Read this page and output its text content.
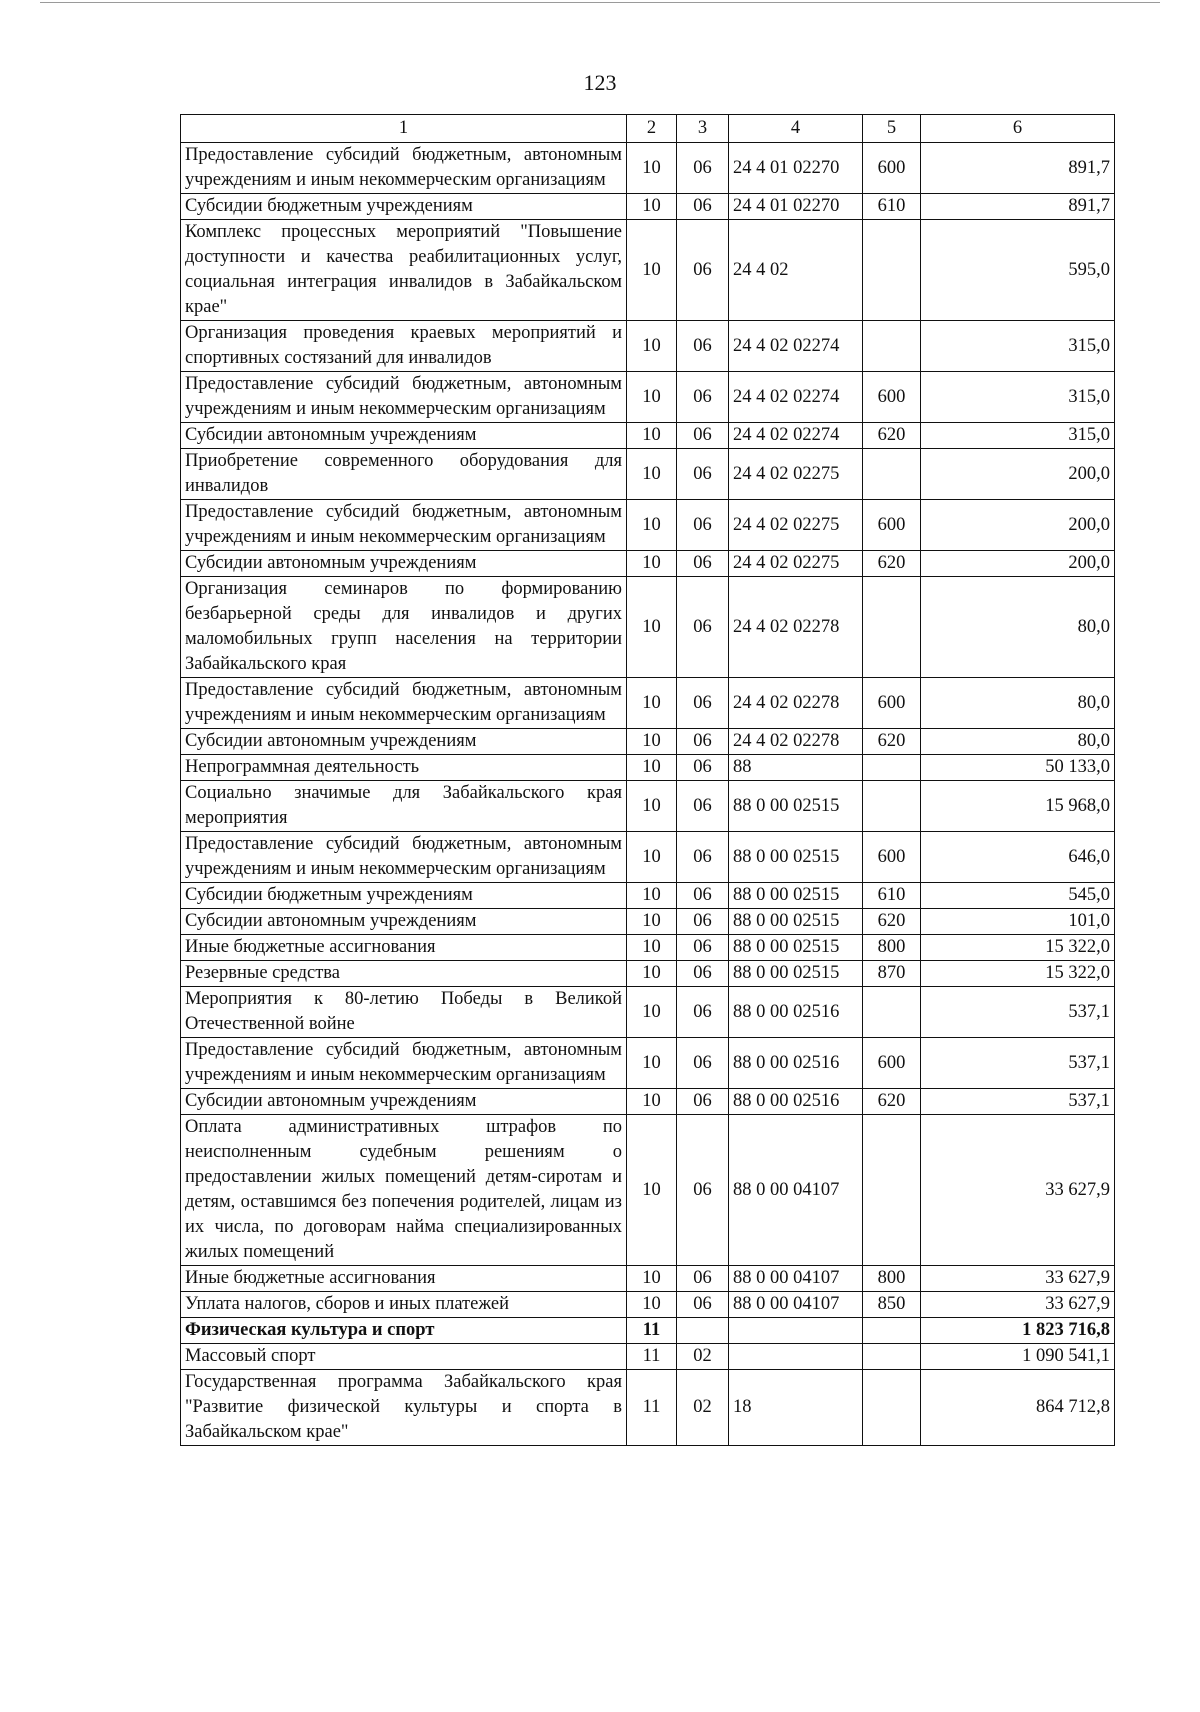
123
1	2	3	4	5	6
Предоставление субсидий бюджетным, автономным учреждениям и иным некоммерческим организациям	10	06	24 4 01 02270	600	891,7
Субсидии бюджетным учреждениям	10	06	24 4 01 02270	610	891,7
Комплекс процессных мероприятий "Повышение доступности и качества реабилитационных услуг, социальная интеграция инвалидов в Забайкальском крае"	10	06	24 4 02		595,0
Организация проведения краевых мероприятий и спортивных состязаний для инвалидов	10	06	24 4 02 02274		315,0
Предоставление субсидий бюджетным, автономным учреждениям и иным некоммерческим организациям	10	06	24 4 02 02274	600	315,0
Субсидии автономным учреждениям	10	06	24 4 02 02274	620	315,0
Приобретение современного оборудования для инвалидов	10	06	24 4 02 02275		200,0
Предоставление субсидий бюджетным, автономным учреждениям и иным некоммерческим организациям	10	06	24 4 02 02275	600	200,0
Субсидии автономным учреждениям	10	06	24 4 02 02275	620	200,0
Организация семинаров по формированию безбарьерной среды для инвалидов и других маломобильных групп населения на территории Забайкальского края	10	06	24 4 02 02278		80,0
Предоставление субсидий бюджетным, автономным учреждениям и иным некоммерческим организациям	10	06	24 4 02 02278	600	80,0
Субсидии автономным учреждениям	10	06	24 4 02 02278	620	80,0
Непрограммная деятельность	10	06	88		50 133,0
Социально значимые для Забайкальского края мероприятия	10	06	88 0 00 02515		15 968,0
Предоставление субсидий бюджетным, автономным учреждениям и иным некоммерческим организациям	10	06	88 0 00 02515	600	646,0
Субсидии бюджетным учреждениям	10	06	88 0 00 02515	610	545,0
Субсидии автономным учреждениям	10	06	88 0 00 02515	620	101,0
Иные бюджетные ассигнования	10	06	88 0 00 02515	800	15 322,0
Резервные средства	10	06	88 0 00 02515	870	15 322,0
Мероприятия к 80-летию Победы в Великой Отечественной войне	10	06	88 0 00 02516		537,1
Предоставление субсидий бюджетным, автономным учреждениям и иным некоммерческим организациям	10	06	88 0 00 02516	600	537,1
Субсидии автономным учреждениям	10	06	88 0 00 02516	620	537,1
Оплата административных штрафов по неисполненным судебным решениям о предоставлении жилых помещений детям-сиротам и детям, оставшимся без попечения родителей, лицам из их числа, по договорам найма специализированных жилых помещений	10	06	88 0 00 04107		33 627,9
Иные бюджетные ассигнования	10	06	88 0 00 04107	800	33 627,9
Уплата налогов, сборов и иных платежей	10	06	88 0 00 04107	850	33 627,9
Физическая культура и спорт	11				1 823 716,8
Массовый спорт	11	02			1 090 541,1
Государственная программа Забайкальского края "Развитие физической культуры и спорта в Забайкальском крае"	11	02	18		864 712,8
